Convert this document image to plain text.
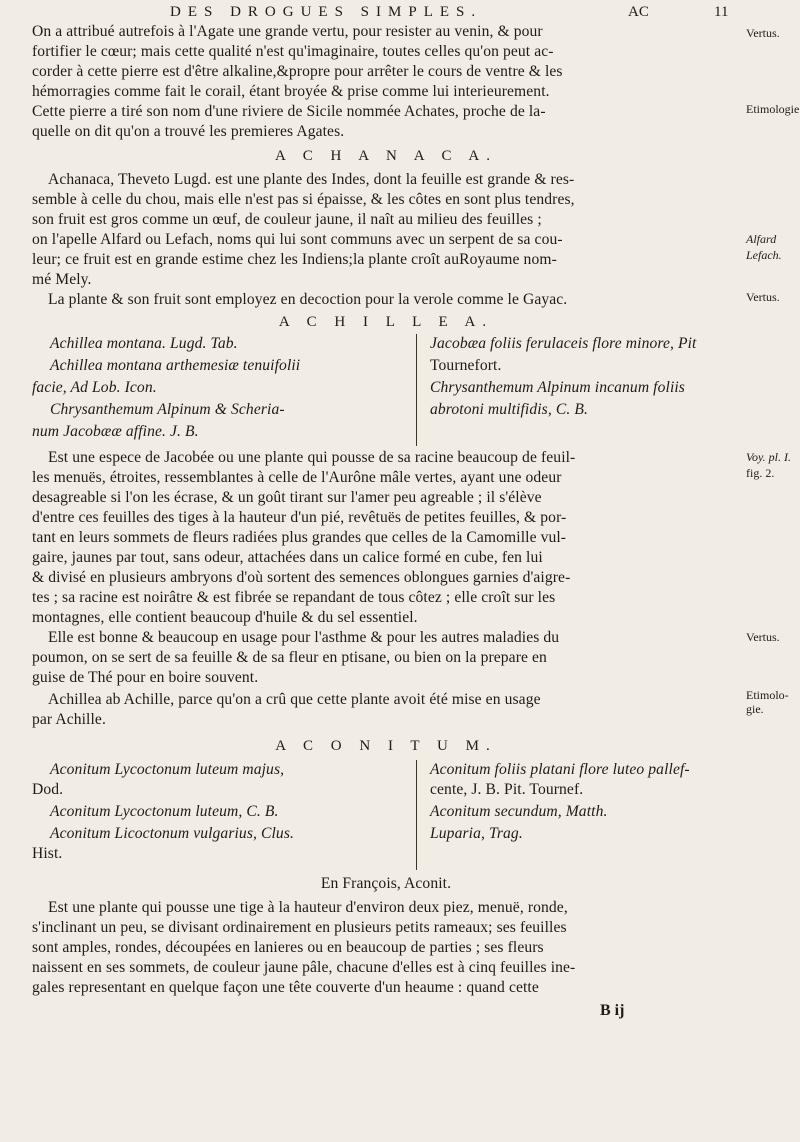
DES DROGUES SIMPLES.	AC	11
On a attribué autrefois à l'Agate une grande vertu, pour resister au venin, & pour
fortifier le cœur; mais cette qualité n'est qu'imaginaire, toutes celles qu'on peut ac-
corder à cette pierre est d'être alkaline,&propre pour arrêter le cours de ventre & les
hémorragies comme fait le corail, étant broyée & prise comme lui interieurement.
Cette pierre a tiré son nom d'une riviere de Sicile nommée Achates, proche de la-
quelle on dit qu'on a trouvé les premieres Agates.
A C H A N A C A.
Achanaca, Theveto Lugd. est une plante des Indes, dont la feuille est grande & res-
semble à celle du chou, mais elle n'est pas si épaisse, & les côtes en sont plus tendres,
son fruit est gros comme un œuf, de couleur jaune, il naît au milieu des feuilles ;
on l'apelle Alfard ou Lefach, noms qui lui sont communs avec un serpent de sa cou-
leur; ce fruit est en grande estime chez les Indiens;la plante croît auRoyaume nom-
mé Mely.
La plante & son fruit sont employez en decoction pour la verole comme le Gayac.
A C H I L L E A.
Achillea montana. Lugd. Tab.
Achillea montana arthemesiæ tenuifolii
facie, Ad Lob. Icon.
Chrysanthemum Alpinum & Scheria-
num Jacobææ affine. J. B.
Jacobæa foliis ferulaceis flore minore, Pit
Tournefort.
Chrysanthemum Alpinum incanum foliis
abrotoni multifidis, C. B.
Est une espece de Jacobée ou une plante qui pousse de sa racine beaucoup de feuil-
les menuës, étroites, ressemblantes à celle de l'Aurône mâle vertes, ayant une odeur
desagreable si l'on les écrase, & un goût tirant sur l'amer peu agreable ; il s'élève
d'entre ces feuilles des tiges à la hauteur d'un pié, revêtuës de petites feuilles, & por-
tant en leurs sommets de fleurs radiées plus grandes que celles de la Camomille vul-
gaire, jaunes par tout, sans odeur, attachées dans un calice formé en cube, fen lui
& divisé en plusieurs ambryons d'où sortent des semences oblongues garnies d'aigre-
tes ; sa racine est noirâtre & est fibrée se repandant de tous côtez ; elle croît sur les
montagnes, elle contient beaucoup d'huile & du sel essentiel.
Elle est bonne & beaucoup en usage pour l'asthme & pour les autres maladies du
poumon, on se sert de sa feuille & de sa fleur en ptisane, ou bien on la prepare en
guise de Thé pour en boire souvent.
Achillea ab Achille, parce qu'on a crû que cette plante avoit été mise en usage
par Achille.
A C O N I T U M.
Aconitum Lycoctonum luteum majus,
Dod.
Aconitum Lycoctonum luteum, C. B.
Aconitum Licoctonum vulgarius, Clus.
Hist.
Aconitum foliis platani flore luteo pallef-
cente, J. B. Pit. Tournef.
Aconitum secundum, Matth.
Luparia, Trag.
En François, Aconit.
Est une plante qui pousse une tige à la hauteur d'environ deux piez, menuë, ronde,
s'inclinant un peu, se divisant ordinairement en plusieurs petits rameaux; ses feuilles
sont amples, rondes, découpées en lanieres ou en beaucoup de parties ; ses fleurs
naissent en ses sommets, de couleur jaune pâle, chacune d'elles est à cinq feuilles ine-
gales representant en quelque façon une tête couverte d'un heaume : quand cette
B ij
Vertus.
Etimologie
Alfard
Lefach.
Vertus.
Voy. pl. I.
fig. 2.
Vertus.
Etimolo-
gie.
